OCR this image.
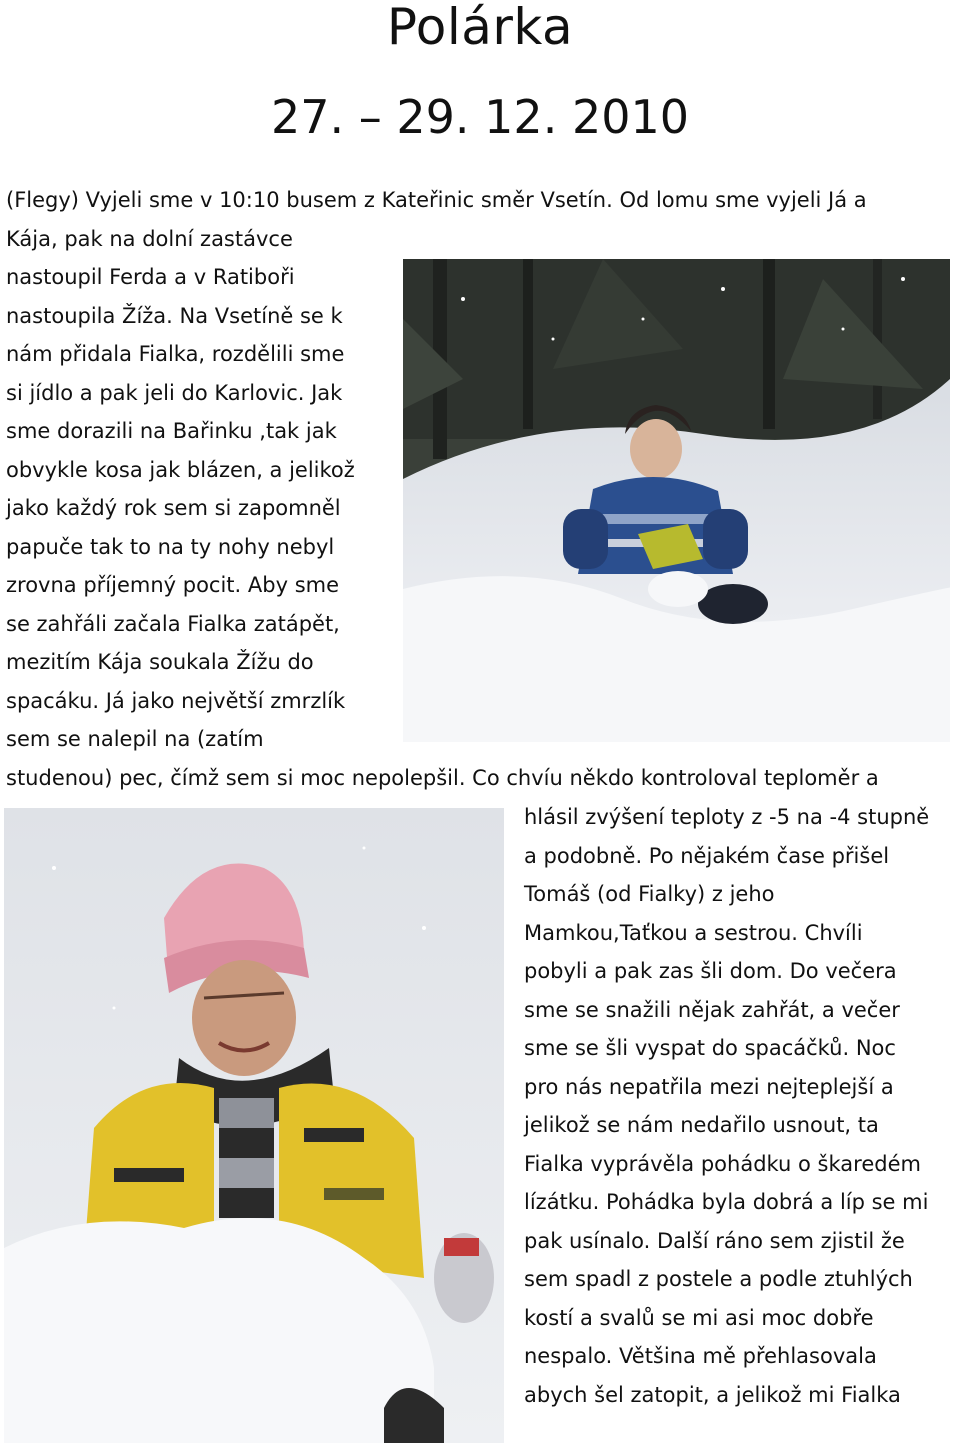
Polárka
27. – 29. 12. 2010
(Flegy) Vyjeli sme v 10:10 busem z Kateřinic směr Vsetín. Od lomu sme vyjeli Já a
Kája, pak na dolní zastávce
nastoupil Ferda a v Ratiboři
nastoupila Žíža. Na Vsetíně se k
nám přidala Fialka, rozdělili sme
si jídlo a pak jeli do Karlovic. Jak
sme dorazili na Bařinku ,tak jak
obvykle kosa jak blázen, a jelikož
jako každý rok sem si zapomněl
papuče tak to na ty nohy nebyl
zrovna příjemný pocit. Aby sme
se zahřáli začala Fialka zatápět,
mezitím Kája soukala Žížu do
spacáku. Já jako největší zmrzlík
sem se nalepil na (zatím
studenou) pec, čímž sem si moc nepolepšil. Co chvíu někdo kontroloval teploměr a
hlásil zvýšení teploty z -5 na -4 stupně
a podobně. Po nějakém čase přišel
Tomáš (od Fialky) z jeho
Mamkou,Taťkou a sestrou. Chvíli
pobyli a pak zas šli dom. Do večera
sme se snažili nějak zahřát, a večer
sme se šli vyspat do spacáčků. Noc
pro nás nepatřila mezi nejteplejší a
jelikož se nám nedařilo usnout, ta
Fialka vyprávěla pohádku o škaredém
lízátku. Pohádka byla dobrá a líp se mi
pak usínalo. Další ráno sem zjistil že
sem spadl z postele a podle ztuhlých
kostí a svalů se mi asi moc dobře
nespalo. Většina mě přehlasovala
abych šel zatopit, a jelikož mi Fialka
